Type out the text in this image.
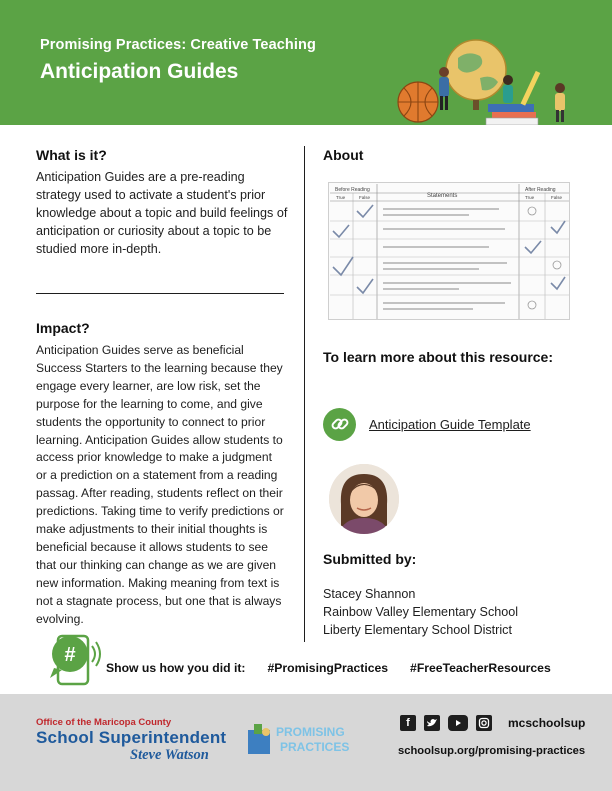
Promising Practices: Creative Teaching
Anticipation Guides
What is it?
Anticipation Guides are a pre-reading strategy used to activate a student's prior knowledge about a topic and build feelings of anticipation or curiosity about a topic to be studied more in-depth.
Impact?
Anticipation Guides serve as beneficial Success Starters to the learning because they engage every learner, are low risk, set the purpose for the learning to come, and give students the opportunity to connect to prior learning. Anticipation Guides allow students to access prior knowledge to make a judgment or a prediction on a statement from a reading passag. After reading, students reflect on their predictions. Taking time to verify predictions or make adjustments to their initial thoughts is beneficial because it allows students to see that our thinking can change as we are given new information. Making meaning from text is not a stagnate process, but one that is always evolving.
About
Before Reading
Statements
After Reading
True	False	True	False
To learn more about this resource:
Anticipation Guide Template
Submitted by:
Stacey Shannon
Rainbow Valley Elementary School
Liberty Elementary School District
#
Show us how you did it: #PromisingPractices #FreeTeacherResources
Office of the Maricopa County
School Superintendent
Steve Watson
PROMISING
PRACTICES
f	mcschoolsup
schoolsup.org/promising-practices
